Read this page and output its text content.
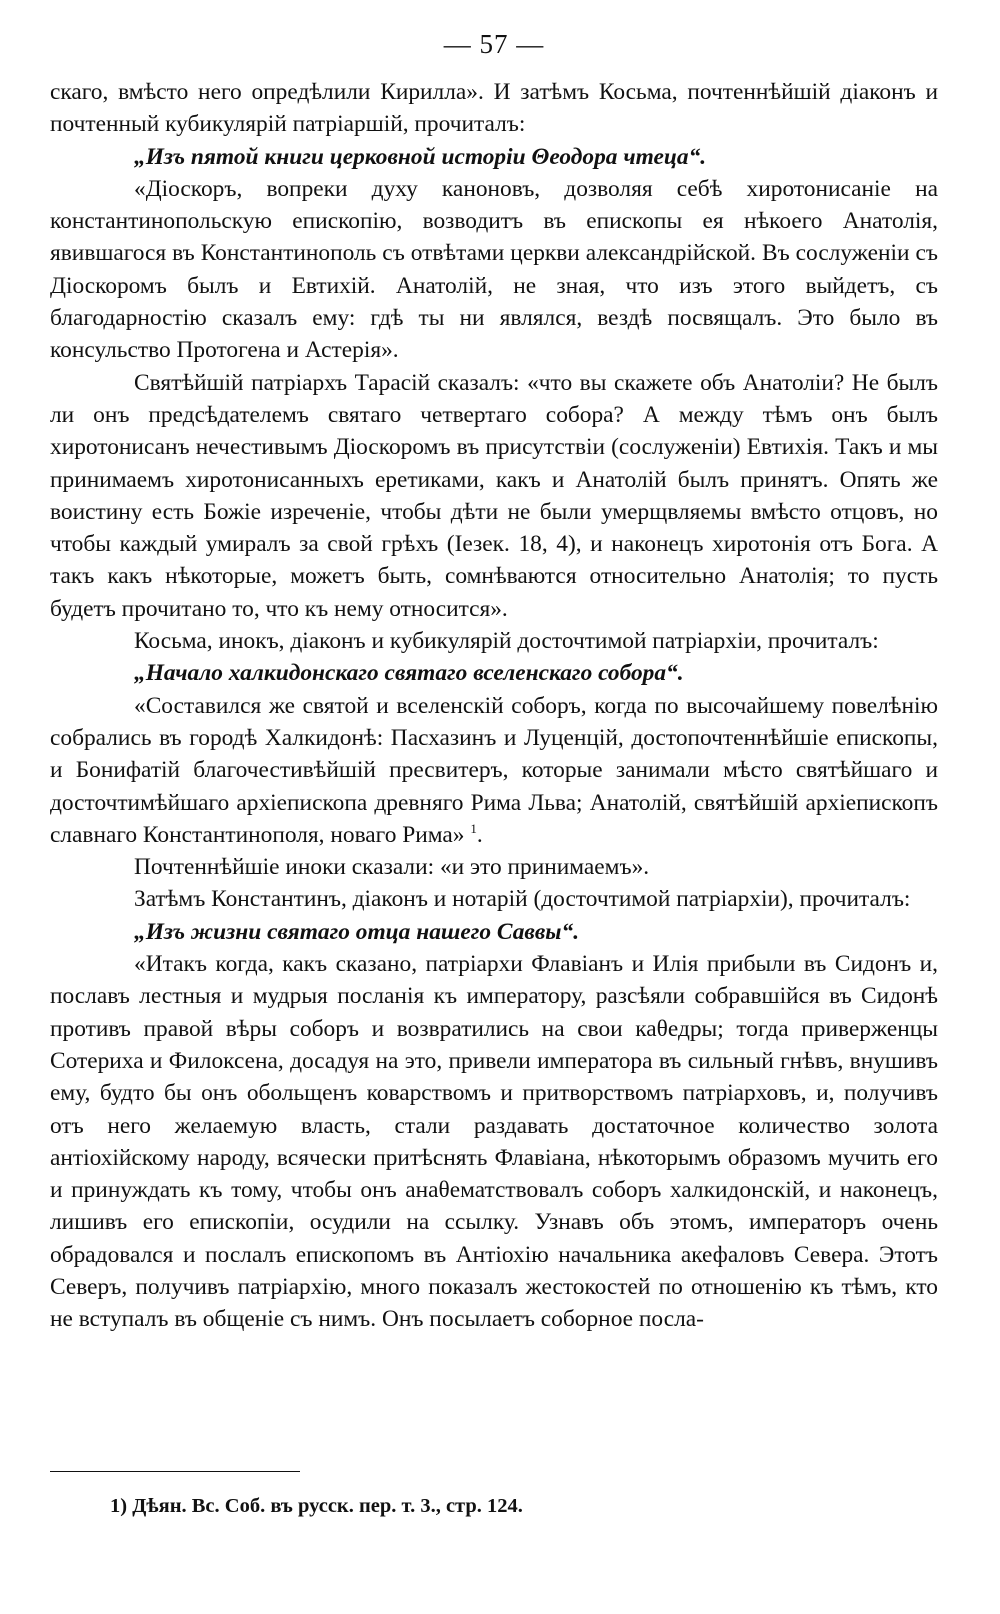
— 57 —

скаго, вмѣсто него опредѣлили Кирилла». И затѣмъ Косьма, почтеннѣйшій діаконъ и почтенный кубикулярій патріаршій, прочиталъ:

„Изъ пятой книги церковной исторіи Θеодора чтеца“.

«Діоскоръ, вопреки духу каноновъ, дозволяя себѣ хиротонисаніе на константинопольскую епископію, возводитъ въ епископы ея нѣкоего Анатолія, явившагося въ Константинополь съ отвѣтами церкви александрійской. Въ сослуженіи съ Діоскоромъ былъ и Евтихій. Анатолій, не зная, что изъ этого выйдетъ, съ благодарностію сказалъ ему: гдѣ ты ни являлся, вездѣ посвящалъ. Это было въ консульство Протогена и Астерія».

Святѣйшій патріархъ Тарасій сказалъ: «что вы скажете объ Анатоліи? Не былъ ли онъ предсѣдателемъ святаго четвертаго собора? А между тѣмъ онъ былъ хиротонисанъ нечестивымъ Діоскоромъ въ присутствіи (сослуженіи) Евтихія. Такъ и мы принимаемъ хиротонисанныхъ еретиками, какъ и Анатолій былъ принятъ. Опять же воистину есть Божіе изреченіе, чтобы дѣти не были умерщвляемы вмѣсто отцовъ, но чтобы каждый умиралъ за свой грѣхъ (Іезек. 18, 4), и наконецъ хиротонія отъ Бога. А такъ какъ нѣкоторые, можетъ быть, сомнѣваются относительно Анатолія; то пусть будетъ прочитано то, что къ нему относится».

Косьма, инокъ, діаконъ и кубикулярій досточтимой патріархіи, прочиталъ:

„Начало халкидонскаго святаго вселенскаго собора“.

«Составился же святой и вселенскій соборъ, когда по высочайшему повелѣнію собрались въ городѣ Халкидонѣ: Пасхазинъ и Луценцій, достопочтеннѣйшіе епископы, и Бонифатій благочестивѣйшій пресвитеръ, которые занимали мѣсто святѣйшаго и досточтимѣйшаго архіепископа древняго Рима Льва; Анатолій, святѣйшій архіепископъ славнаго Константинополя, новаго Рима» $^1$.

Почтеннѣйшіе иноки сказали: «и это принимаемъ».

Затѣмъ Константинъ, діаконъ и нотарій (досточтимой патріархіи), прочиталъ:

„Изъ жизни святаго отца нашего Саввы“.

«Итакъ когда, какъ сказано, патріархи Флавіанъ и Илія прибыли въ Сидонъ и, пославъ лестныя и мудрыя посланія къ императору, разсѣяли собравшійся въ Сидонѣ противъ правой вѣры соборъ и возвратились на свои каθедры; тогда приверженцы Сотериха и Филоксена, досадуя на это, привели императора въ сильный гнѣвъ, внушивъ ему, будто бы онъ обольщенъ коварствомъ и притворствомъ патріарховъ, и, получивъ отъ него желаемую власть, стали раздавать достаточное количество золота антіохійскому народу, всячески притѣснять Флавіана, нѣкоторымъ образомъ мучить его и принуждать къ тому, чтобы онъ анаθематствовалъ соборъ халкидонскій, и наконецъ, лишивъ его епископіи, осудили на ссылку. Узнавъ объ этомъ, императоръ очень обрадовался и послалъ епископомъ въ Антіохію начальника акефаловъ Севера. Этотъ Северъ, получивъ патріархію, много показалъ жестокостей по отношенію къ тѣмъ, кто не вступалъ въ общеніе съ нимъ. Онъ посылаетъ соборное посла-

1) Дѣян. Вс. Соб. въ русск. пер. т. 3., стр. 124.
